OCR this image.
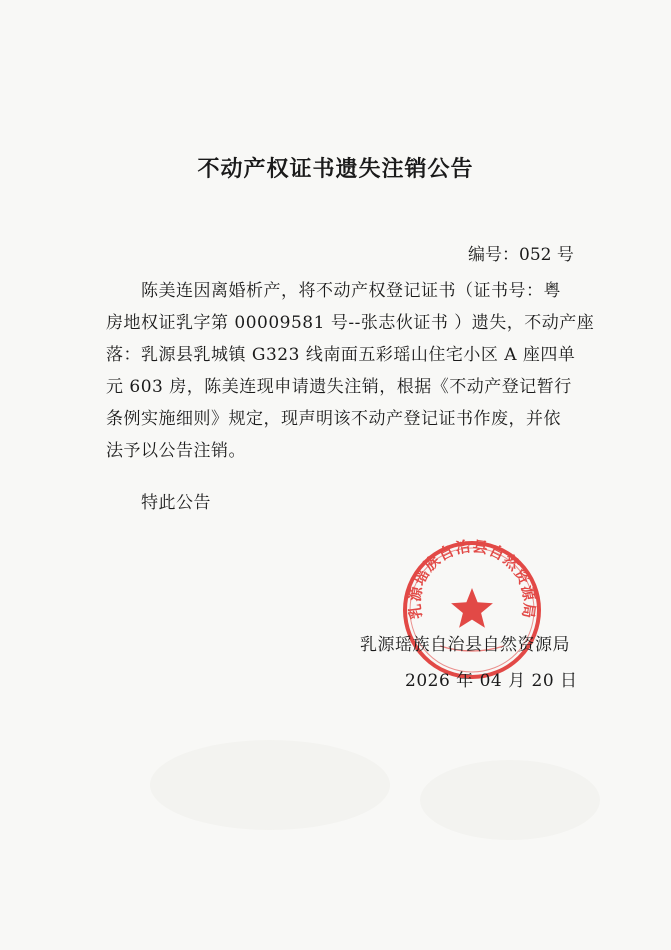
不动产权证书遗失注销公告
编号：052 号
陈美连因离婚析产，将不动产权登记证书（证书号：粤
房地权证乳字第 00009581 号--张志伙证书 ）遗失，不动产座
落：乳源县乳城镇 G323 线南面五彩瑶山住宅小区 A 座四单
元 603 房，陈美连现申请遗失注销，根据《不动产登记暂行
条例实施细则》规定，现声明该不动产登记证书作废，并依
法予以公告注销。
特此公告
乳源瑶族自治县自然资源局
乳源瑶族自治县自然资源局
2026 年 04 月 20 日
